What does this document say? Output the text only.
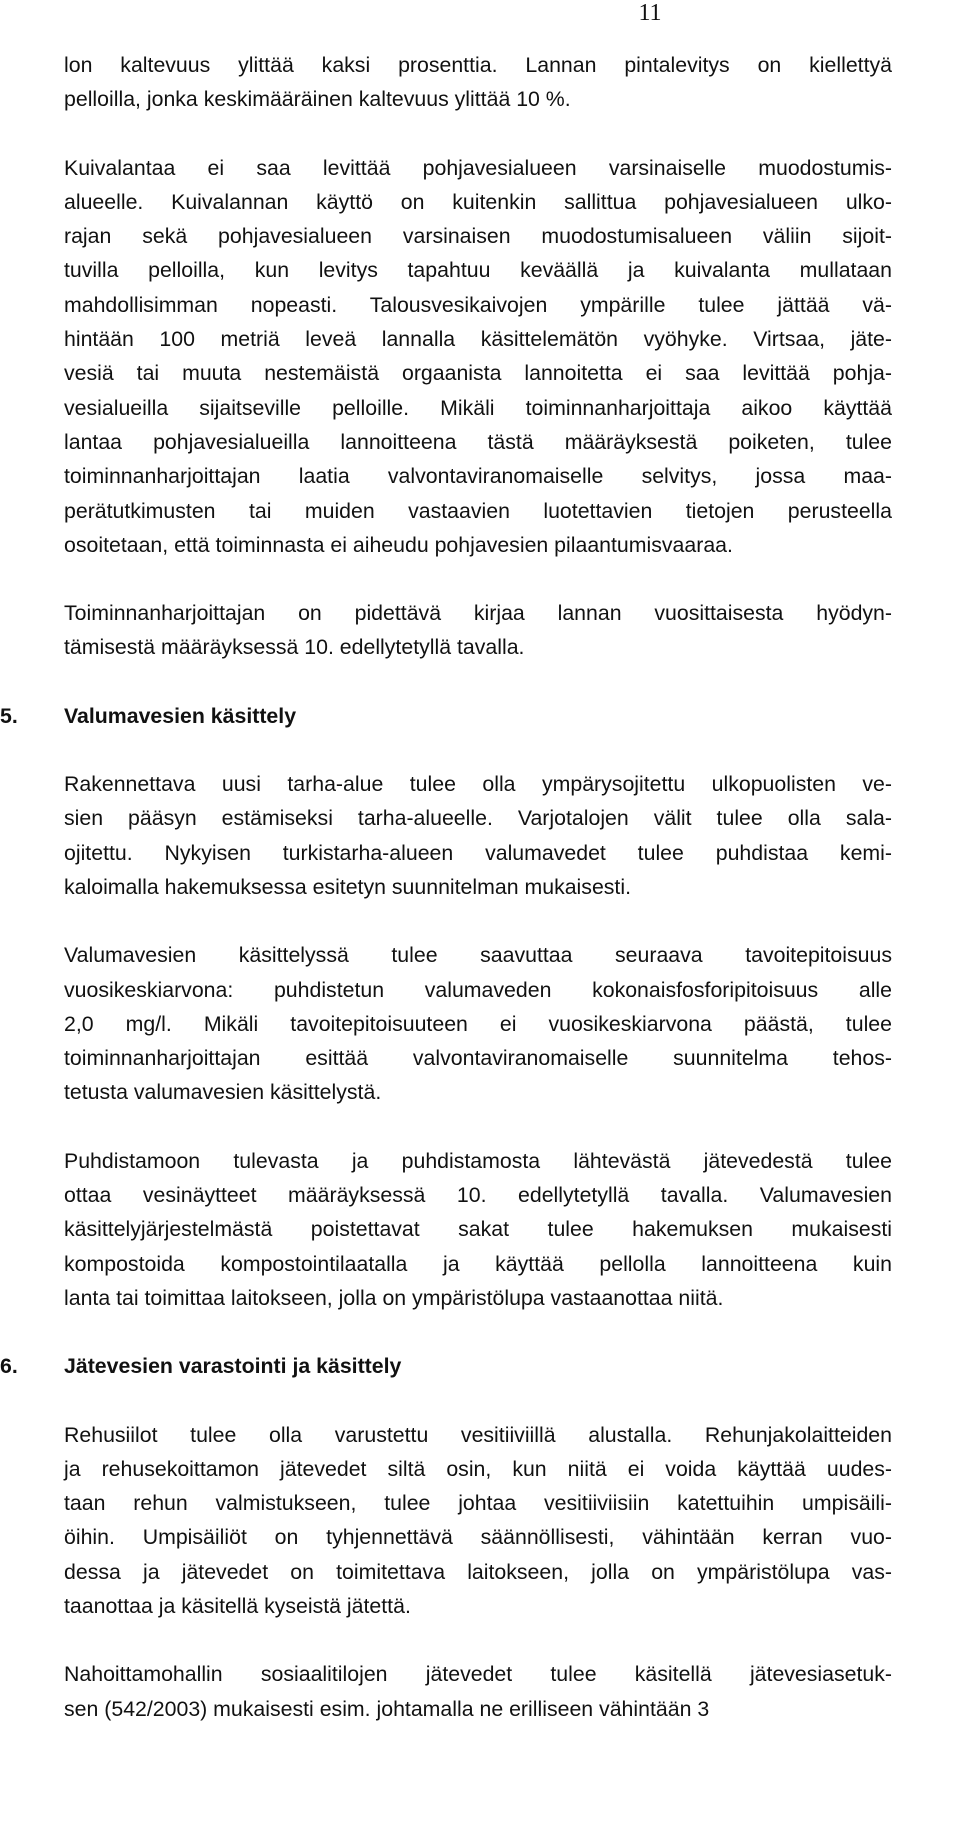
11
lon kaltevuus ylittää kaksi prosenttia. Lannan pintalevitys on kiellettyä
pelloilla, jonka keskimääräinen kaltevuus ylittää 10 %.
Kuivalantaa ei saa levittää pohjavesialueen varsinaiselle muodostumis-
alueelle. Kuivalannan käyttö on kuitenkin sallittua pohjavesialueen ulko-
rajan sekä pohjavesialueen varsinaisen muodostumisalueen väliin sijoit-
tuvilla pelloilla, kun levitys tapahtuu keväällä ja kuivalanta mullataan
mahdollisimman nopeasti. Talousvesikaivojen ympärille tulee jättää vä-
hintään 100 metriä leveä lannalla käsittelemätön vyöhyke. Virtsaa, jäte-
vesiä tai muuta nestemäistä orgaanista lannoitetta ei saa levittää pohja-
vesialueilla sijaitseville pelloille. Mikäli toiminnanharjoittaja aikoo käyttää
lantaa pohjavesialueilla lannoitteena tästä määräyksestä poiketen, tulee
toiminnanharjoittajan laatia valvontaviranomaiselle selvitys, jossa maa-
perätutkimusten tai muiden vastaavien luotettavien tietojen perusteella
osoitetaan, että toiminnasta ei aiheudu pohjavesien pilaantumisvaaraa.
Toiminnanharjoittajan on pidettävä kirjaa lannan vuosittaisesta hyödyn-
tämisestä määräyksessä 10. edellytetyllä tavalla.
5.	Valumavesien käsittely
Rakennettava uusi tarha-alue tulee olla ympärysojitettu ulkopuolisten ve-
sien pääsyn estämiseksi tarha-alueelle. Varjotalojen välit tulee olla sala-
ojitettu. Nykyisen turkistarha-alueen valumavedet tulee puhdistaa kemi-
kaloimalla hakemuksessa esitetyn suunnitelman mukaisesti.
Valumavesien käsittelyssä tulee saavuttaa seuraava tavoitepitoisuus
vuosikeskiarvona: puhdistetun valumaveden kokonaisfosforipitoisuus alle
2,0 mg/l. Mikäli tavoitepitoisuuteen ei vuosikeskiarvona päästä, tulee
toiminnanharjoittajan esittää valvontaviranomaiselle suunnitelma tehos-
tetusta valumavesien käsittelystä.
Puhdistamoon tulevasta ja puhdistamosta lähtevästä jätevedestä tulee
ottaa vesinäytteet määräyksessä 10. edellytetyllä tavalla. Valumavesien
käsittelyjärjestelmästä poistettavat sakat tulee hakemuksen mukaisesti
kompostoida kompostointilaatalla ja käyttää pellolla lannoitteena kuin
lanta tai toimittaa laitokseen, jolla on ympäristölupa vastaanottaa niitä.
6.	Jätevesien varastointi ja käsittely
Rehusiilot tulee olla varustettu vesitiiviillä alustalla. Rehunjakolaitteiden
ja rehusekoittamon jätevedet siltä osin, kun niitä ei voida käyttää uudes-
taan rehun valmistukseen, tulee johtaa vesitiiviisiin katettuihin umpisäili-
öihin. Umpisäiliöt on tyhjennettävä säännöllisesti, vähintään kerran vuo-
dessa ja jätevedet on toimitettava laitokseen, jolla on ympäristölupa vas-
taanottaa ja käsitellä kyseistä jätettä.
Nahoittamohallin sosiaalitilojen jätevedet tulee käsitellä jätevesiasetuk-
sen (542/2003) mukaisesti esim. johtamalla ne erilliseen vähintään 3
